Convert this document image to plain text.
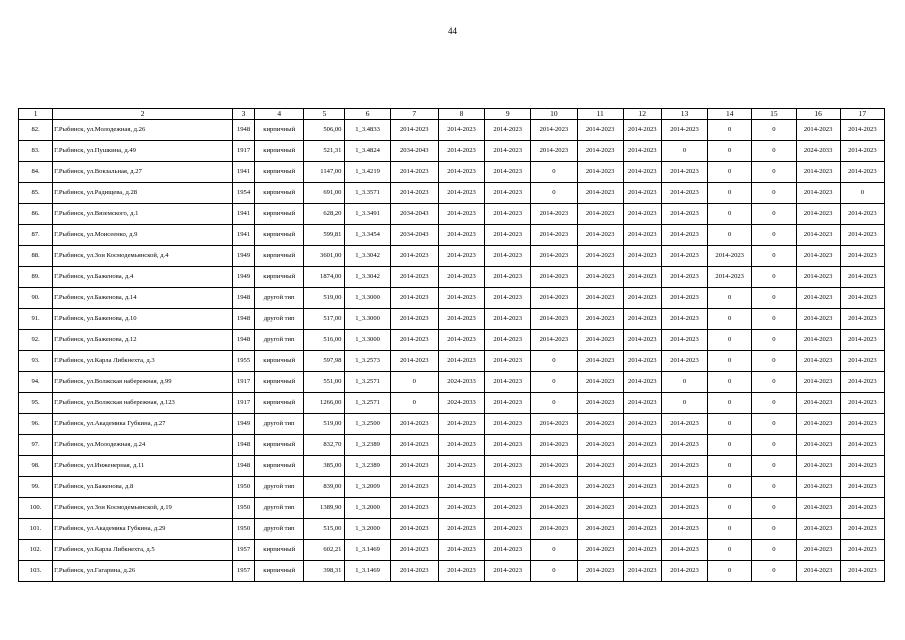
44
1	2	3	4	5	6	7	8	9	10	11	12	13	14	15	16	17
82.	Г.Рыбинск, ул.Молодежная, д.26	1948	кирпичный	506,00	1_3.4833	2014-2023	2014-2023	2014-2023	2014-2023	2014-2023	2014-2023	2014-2023	0	0	2014-2023	2014-2023
83.	Г.Рыбинск, ул.Пушкина, д.49	1917	кирпичный	521,31	1_3.4824	2034-2043	2014-2023	2014-2023	2014-2023	2014-2023	2014-2023	0	0	0	2024-2033	2014-2023
84.	Г.Рыбинск, ул.Вокзальная, д.27	1941	кирпичный	1147,00	1_3.4219	2014-2023	2014-2023	2014-2023	0	2014-2023	2014-2023	2014-2023	0	0	2014-2023	2014-2023
85.	Г.Рыбинск, ул.Радищева, д.28	1954	кирпичный	691,00	1_3.3571	2014-2023	2014-2023	2014-2023	0	2014-2023	2014-2023	2014-2023	0	0	2014-2023	0
86.	Г.Рыбинск, ул.Вяземского, д.1	1941	кирпичный	628,20	1_3.3491	2034-2043	2014-2023	2014-2023	2014-2023	2014-2023	2014-2023	2014-2023	0	0	2014-2023	2014-2023
87.	Г.Рыбинск, ул.Моисеенко, д.9	1941	кирпичный	599,81	1_3.3454	2034-2043	2014-2023	2014-2023	2014-2023	2014-2023	2014-2023	2014-2023	0	0	2014-2023	2014-2023
88.	Г.Рыбинск, ул.Зои Космодемьянской, д.4	1949	кирпичный	3601,00	1_3.3042	2014-2023	2014-2023	2014-2023	2014-2023	2014-2023	2014-2023	2014-2023	2014-2023	0	2014-2023	2014-2023
89.	Г.Рыбинск, ул.Баженова, д.4	1949	кирпичный	1874,00	1_3.3042	2014-2023	2014-2023	2014-2023	2014-2023	2014-2023	2014-2023	2014-2023	2014-2023	0	2014-2023	2014-2023
90.	Г.Рыбинск, ул.Баженова, д.14	1948	другой тип	519,00	1_3.3000	2014-2023	2014-2023	2014-2023	2014-2023	2014-2023	2014-2023	2014-2023	0	0	2014-2023	2014-2023
91.	Г.Рыбинск, ул.Баженова, д.10	1948	другой тип	517,00	1_3.3000	2014-2023	2014-2023	2014-2023	2014-2023	2014-2023	2014-2023	2014-2023	0	0	2014-2023	2014-2023
92.	Г.Рыбинск, ул.Баженова, д.12	1948	другой тип	516,00	1_3.3000	2014-2023	2014-2023	2014-2023	2014-2023	2014-2023	2014-2023	2014-2023	0	0	2014-2023	2014-2023
93.	Г.Рыбинск, ул.Карла Либкнехта, д.3	1955	кирпичный	597,98	1_3.2573	2014-2023	2014-2023	2014-2023	0	2014-2023	2014-2023	2014-2023	0	0	2014-2023	2014-2023
94.	Г.Рыбинск, ул.Волжская набережная, д.99	1917	кирпичный	551,00	1_3.2571	0	2024-2033	2014-2023	0	2014-2023	2014-2023	0	0	0	2014-2023	2014-2023
95.	Г.Рыбинск, ул.Волжская набережная, д.123	1917	кирпичный	1266,00	1_3.2571	0	2024-2033	2014-2023	0	2014-2023	2014-2023	0	0	0	2014-2023	2014-2023
96.	Г.Рыбинск, ул.Академика Губкина, д.27	1949	другой тип	519,00	1_3.2500	2014-2023	2014-2023	2014-2023	2014-2023	2014-2023	2014-2023	2014-2023	0	0	2014-2023	2014-2023
97.	Г.Рыбинск, ул.Молодежная, д.24	1948	кирпичный	832,70	1_3.2389	2014-2023	2014-2023	2014-2023	2014-2023	2014-2023	2014-2023	2014-2023	0	0	2014-2023	2014-2023
98.	Г.Рыбинск, ул.Инженерная, д.11	1948	кирпичный	385,00	1_3.2389	2014-2023	2014-2023	2014-2023	2014-2023	2014-2023	2014-2023	2014-2023	0	0	2014-2023	2014-2023
99.	Г.Рыбинск, ул.Баженова, д.8	1950	другой тип	839,00	1_3.2009	2014-2023	2014-2023	2014-2023	2014-2023	2014-2023	2014-2023	2014-2023	0	0	2014-2023	2014-2023
100.	Г.Рыбинск, ул.Зои Космодемьянской, д.19	1950	другой тип	1389,90	1_3.2000	2014-2023	2014-2023	2014-2023	2014-2023	2014-2023	2014-2023	2014-2023	0	0	2014-2023	2014-2023
101.	Г.Рыбинск, ул.Академика Губкина, д.29	1950	другой тип	515,00	1_3.2000	2014-2023	2014-2023	2014-2023	2014-2023	2014-2023	2014-2023	2014-2023	0	0	2014-2023	2014-2023
102.	Г.Рыбинск, ул.Карла Либкнехта, д.5	1957	кирпичный	602,21	1_3.1469	2014-2023	2014-2023	2014-2023	0	2014-2023	2014-2023	2014-2023	0	0	2014-2023	2014-2023
103.	Г.Рыбинск, ул.Гагарина, д.26	1957	кирпичный	398,31	1_3.1469	2014-2023	2014-2023	2014-2023	0	2014-2023	2014-2023	2014-2023	0	0	2014-2023	2014-2023
